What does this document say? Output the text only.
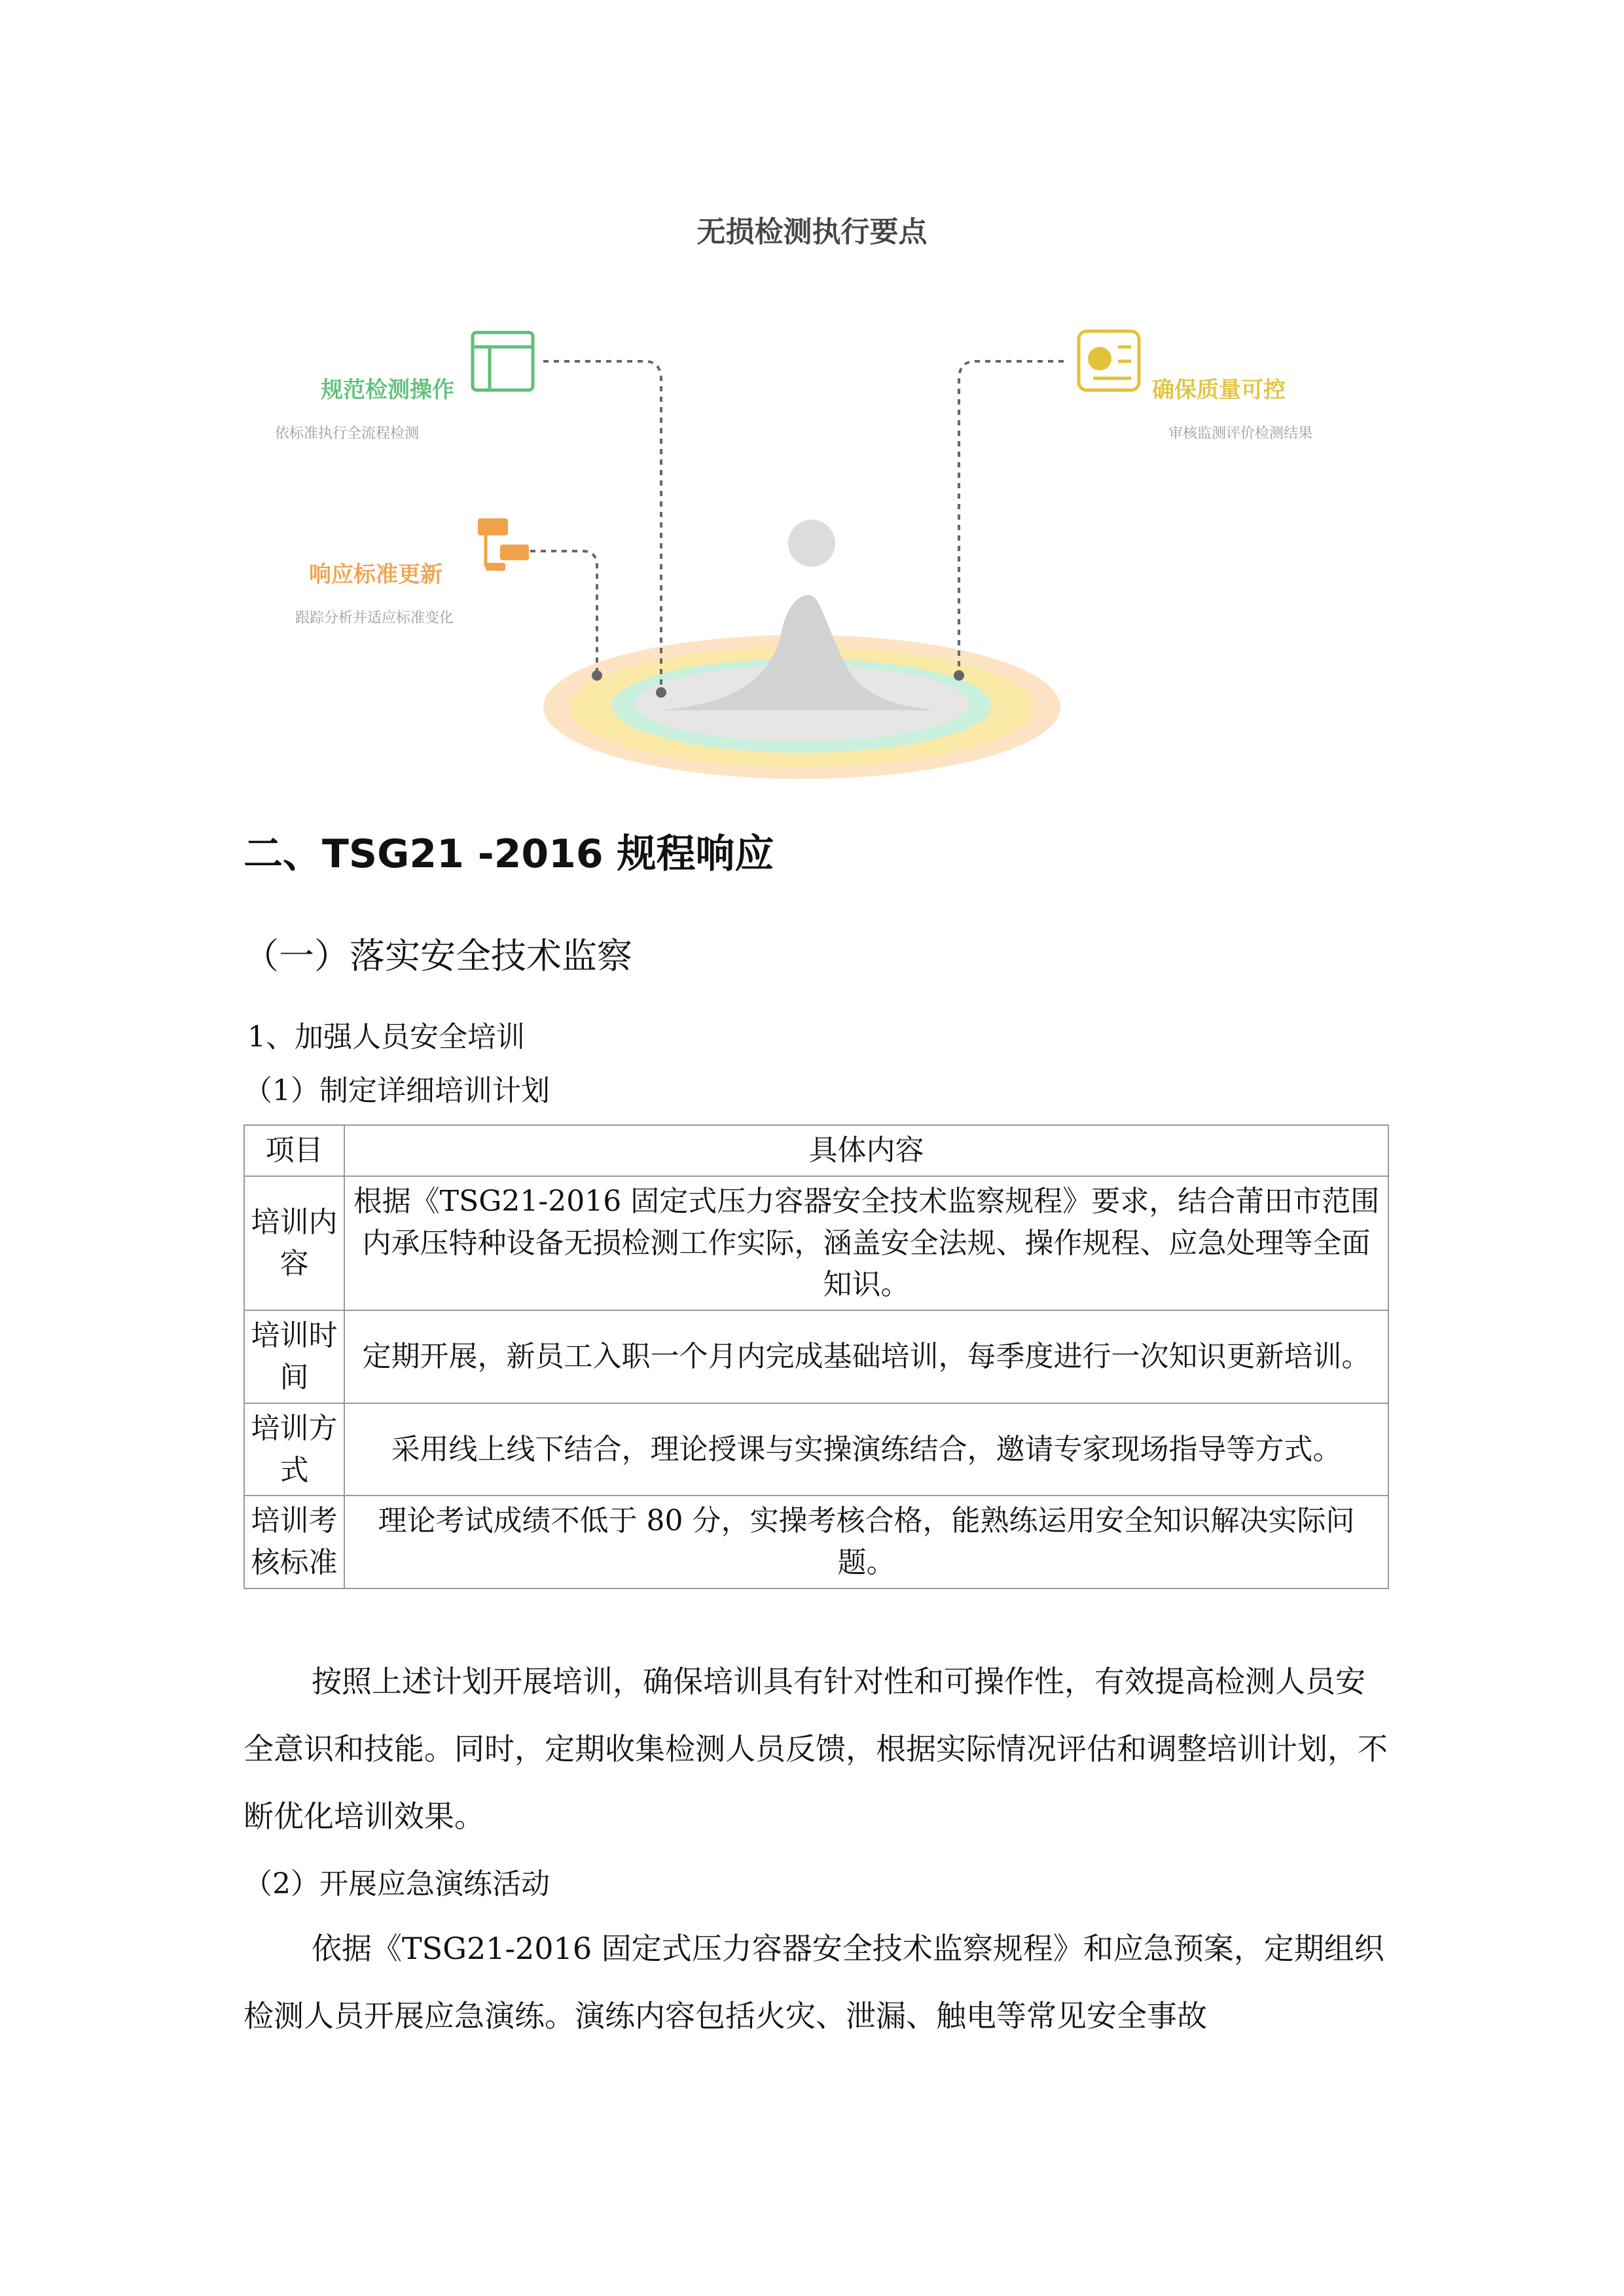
无损检测执行要点
规范检测操作
依标准执行全流程检测
确保质量可控
审核监测评价检测结果
响应标准更新
跟踪分析并适应标准变化
二、TSG21 -2016 规程响应
（一）落实安全技术监察
1、加强人员安全培训
（1）制定详细培训计划
项目	具体内容
培训内容	根据《TSG21-2016 固定式压力容器安全技术监察规程》要求，结合莆田市范围内承压特种设备无损检测工作实际，涵盖安全法规、操作规程、应急处理等全面知识。
培训时间	定期开展，新员工入职一个月内完成基础培训，每季度进行一次知识更新培训。
培训方式	采用线上线下结合，理论授课与实操演练结合，邀请专家现场指导等方式。
培训考核标准	理论考试成绩不低于 80 分，实操考核合格，能熟练运用安全知识解决实际问题。
按照上述计划开展培训，确保培训具有针对性和可操作性，有效提高检测人员安全意识和技能。同时，定期收集检测人员反馈，根据实际情况评估和调整培训计划，不断优化培训效果。
（2）开展应急演练活动
依据《TSG21-2016 固定式压力容器安全技术监察规程》和应急预案，定期组织检测人员开展应急演练。演练内容包括火灾、泄漏、触电等常见安全事故
